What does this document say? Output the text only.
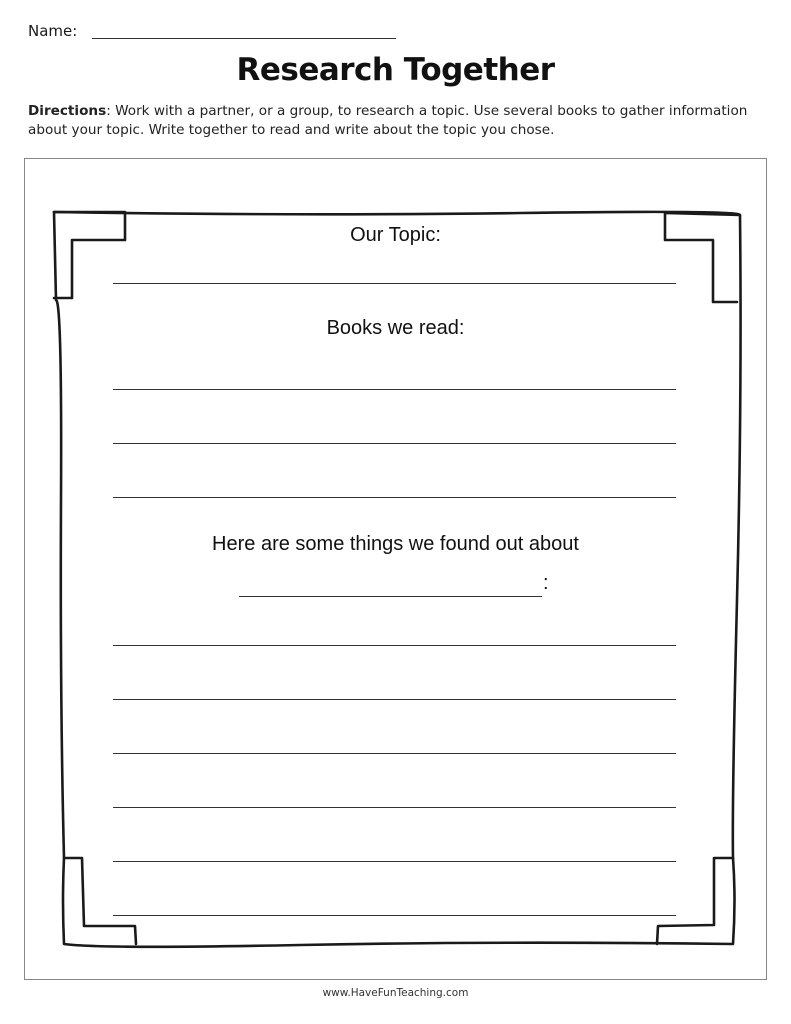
Name:
Research Together
Directions: Work with a partner, or a group, to research a topic. Use several books to gather information about your topic. Write together to read and write about the topic you chose.
Our Topic:
Books we read:
Here are some things we found out about
:
www.HaveFunTeaching.com
